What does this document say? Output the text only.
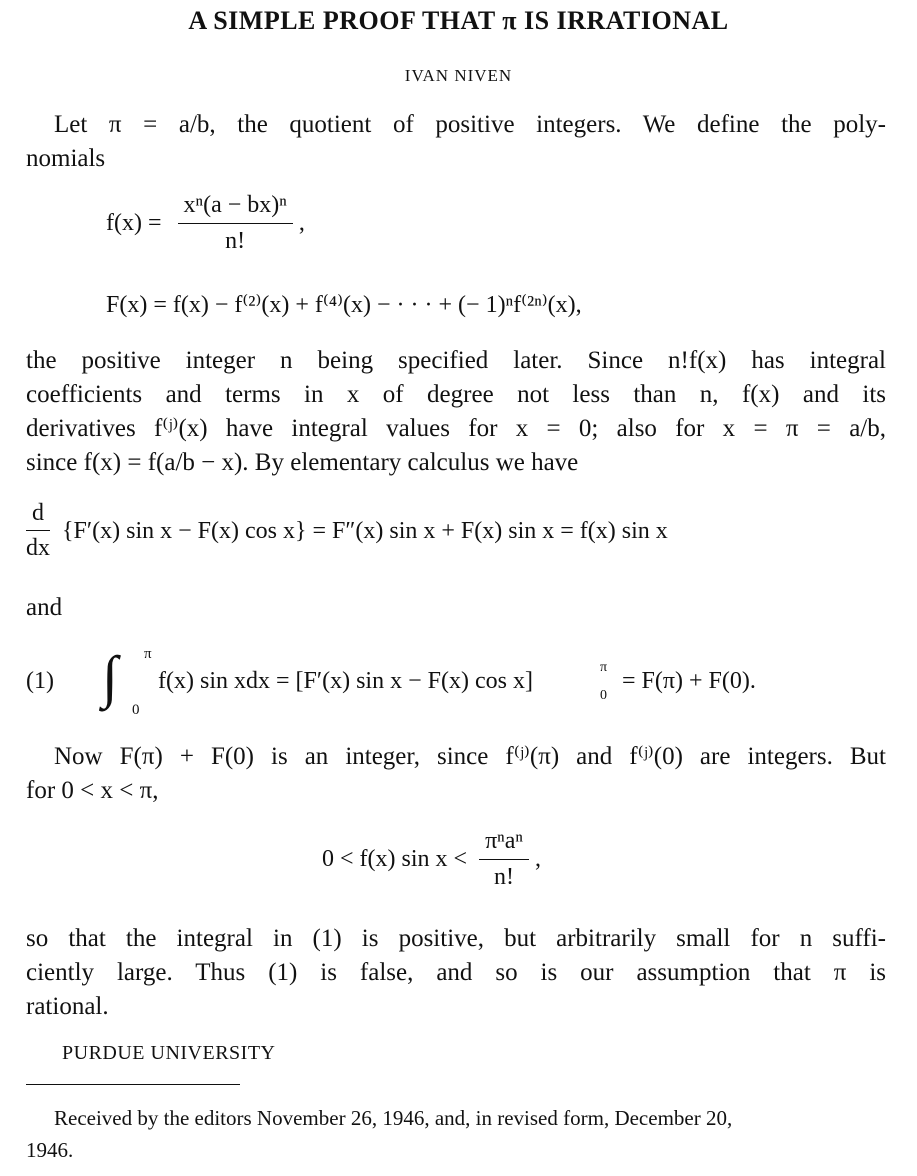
A SIMPLE PROOF THAT π IS IRRATIONAL
IVAN NIVEN
Let π = a/b, the quotient of positive integers. We define the poly-
nomials
$f(x) = \frac{\text{xⁿ(a − bx)ⁿ}}{n!}$ ,
F(x) = f(x) − f⁽²⁾(x) + f⁽⁴⁾(x) − · · · + (− 1)ⁿf⁽²ⁿ⁾(x),
the positive integer n being specified later. Since n!f(x) has integral
coefficients and terms in x of degree not less than n, f(x) and its
derivatives f⁽ʲ⁾(x) have integral values for x = 0; also for x = π = a/b,
since f(x) = f(a/b − x). By elementary calculus we have
$\frac{d}{dx} \{F'(x)$ sin x − F(x) cos x} = F″(x) sin x + F(x) sin x = f(x) sin x
and
(1) ∫ π
0
f(x) sin xdx = [F′(x) sin x − F(x) cos x]
π
0
= F(π) + F(0).
Now F(π) + F(0) is an integer, since f⁽ʲ⁾(π) and f⁽ʲ⁾(0) are integers. But
for 0 < x < π,
0 < f(x) $\sin x < \frac{\text{πⁿaⁿ}}{n!}$ ,
so that the integral in (1) is positive, but arbitrarily small for n suffi-
ciently large. Thus (1) is false, and so is our assumption that π is
rational.
PURDUE UNIVERSITY
Received by the editors November 26, 1946, and, in revised form, December 20,
1946.
